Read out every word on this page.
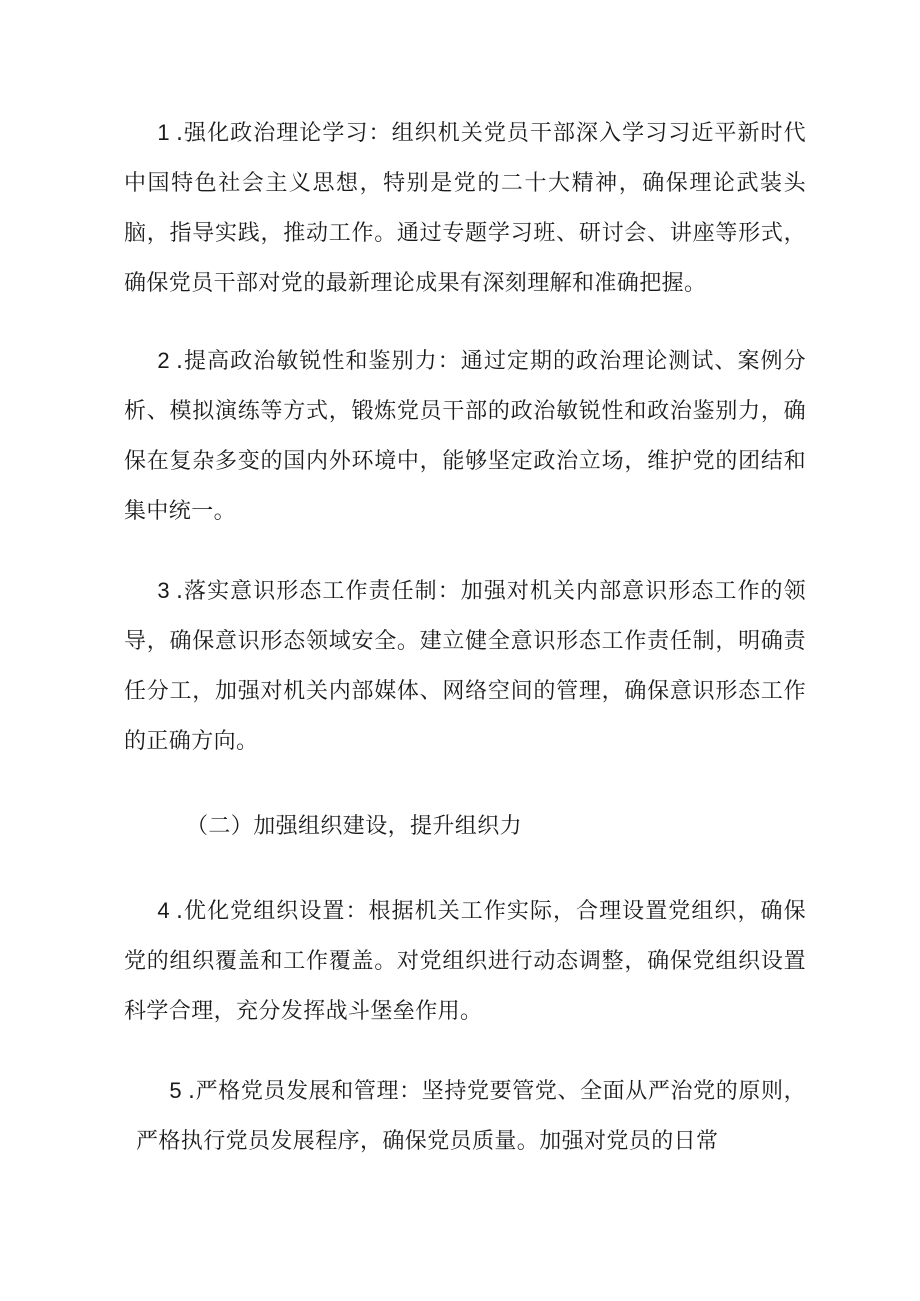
1 .强化政治理论学习：组织机关党员干部深入学习习近平新时代中国特色社会主义思想，特别是党的二十大精神，确保理论武装头脑，指导实践，推动工作。通过专题学习班、研讨会、讲座等形式，确保党员干部对党的最新理论成果有深刻理解和准确把握。

2 .提高政治敏锐性和鉴别力：通过定期的政治理论测试、案例分析、模拟演练等方式，锻炼党员干部的政治敏锐性和政治鉴别力，确保在复杂多变的国内外环境中，能够坚定政治立场，维护党的团结和集中统一。

3 .落实意识形态工作责任制：加强对机关内部意识形态工作的领导，确保意识形态领域安全。建立健全意识形态工作责任制，明确责任分工，加强对机关内部媒体、网络空间的管理，确保意识形态工作的正确方向。

（二）加强组织建设，提升组织力

4 .优化党组织设置：根据机关工作实际，合理设置党组织，确保党的组织覆盖和工作覆盖。对党组织进行动态调整，确保党组织设置科学合理，充分发挥战斗堡垒作用。

5 .严格党员发展和管理：坚持党要管党、全面从严治党的原则，严格执行党员发展程序，确保党员质量。加强对党员的日常
